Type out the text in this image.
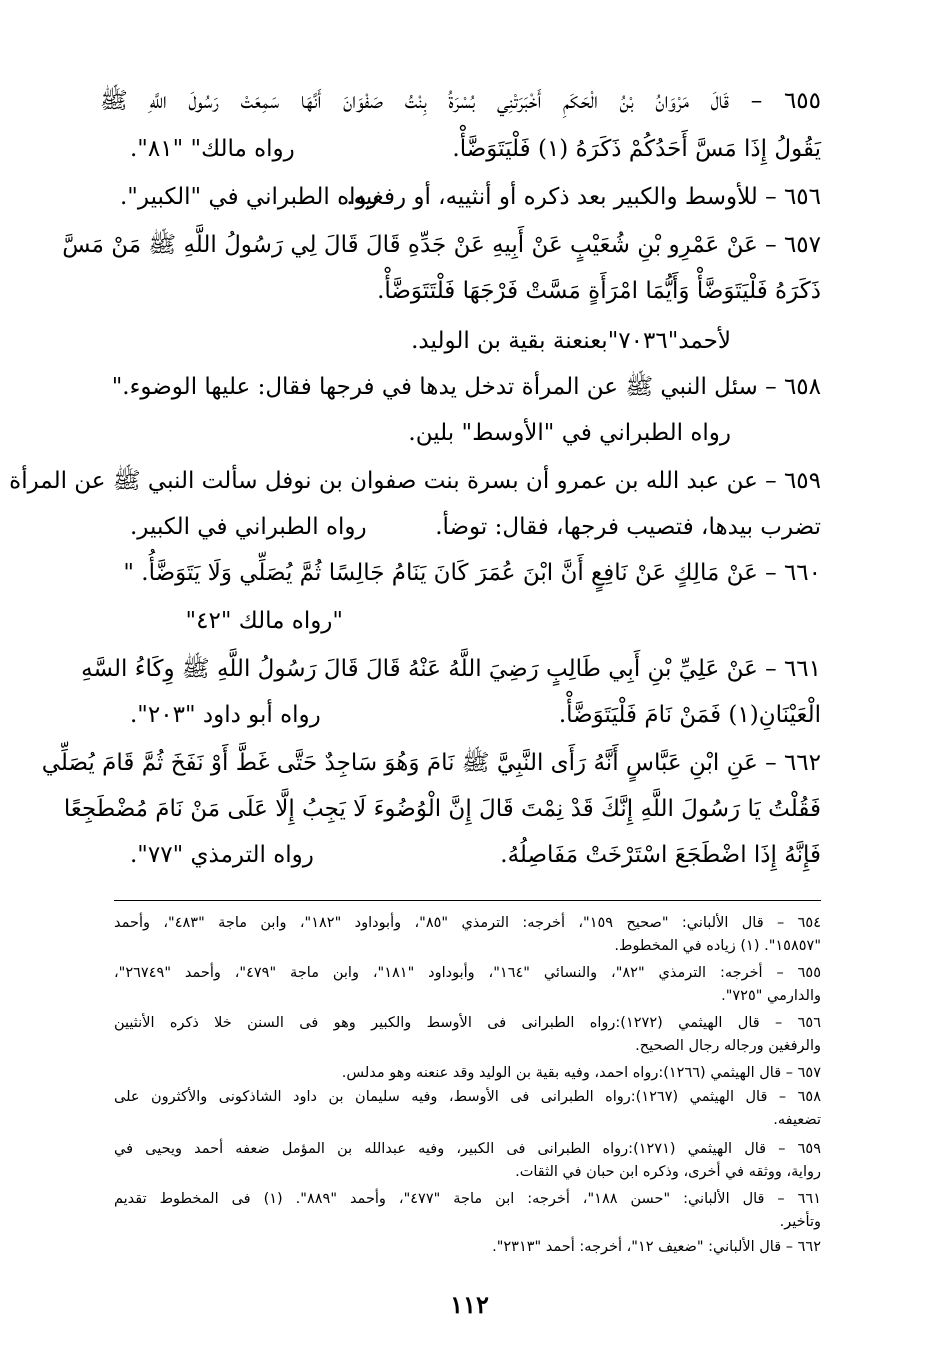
٦٥٥ – قَالَ مَرْوَانُ بْنُ الْحَكَمِ أَخْبَرَتْنِي بُسْرَةُ بِنْتُ صَفْوَانَ أَنَّهَا سَمِعَتْ رَسُولَ اللَّهِ ﷺ
يَقُولُ إِذَا مَسَّ أَحَدُكُمْ ذَكَرَهُ (١) فَلْيَتَوَضَّأْ.
رواه مالك" "٨١".
٦٥٦ – للأوسط والكبير بعد ذكره أو أنثييه، أو رفغيه.
رواه الطبراني في "الكبير".
٦٥٧ – عَنْ عَمْرِو بْنِ شُعَيْبٍ عَنْ أَبِيهِ عَنْ جَدِّهِ قَالَ قَالَ لِي رَسُولُ اللَّهِ ﷺ مَنْ مَسَّ
ذَكَرَهُ فَلْيَتَوَضَّأْ وَأَيُّمَا امْرَأَةٍ مَسَّتْ فَرْجَهَا فَلْتَتَوَضَّأْ.
لأحمد"٧٠٣٦"بعنعنة بقية بن الوليد.
٦٥٨ – سئل النبي ﷺ عن المرأة تدخل يدها في فرجها فقال: عليها الوضوء."
رواه الطبراني في "الأوسط" بلين.
٦٥٩ – عن عبد الله بن عمرو أن بسرة بنت صفوان بن نوفل سألت النبي ﷺ عن المرأة
تضرب بيدها، فتصيب فرجها، فقال: توضأ.
رواه الطبراني في الكبير.
٦٦٠ – عَنْ مَالِكٍ عَنْ نَافِعٍ أَنَّ ابْنَ عُمَرَ كَانَ يَنَامُ جَالِسًا ثُمَّ يُصَلِّي وَلَا يَتَوَضَّأُ. "
"رواه مالك "٤٢"
٦٦١ – عَنْ عَلِيِّ بْنِ أَبِي طَالِبٍ رَضِيَ اللَّهُ عَنْهُ قَالَ قَالَ رَسُولُ اللَّهِ ﷺ وِكَاءُ السَّهِ
الْعَيْنَانِ(١) فَمَنْ نَامَ فَلْيَتَوَضَّأْ.
رواه أبو داود "٢٠٣".
٦٦٢ – عَنِ ابْنِ عَبَّاسٍ أَنَّهُ رَأَى النَّبِيَّ ﷺ نَامَ وَهُوَ سَاجِدٌ حَتَّى غَطَّ أَوْ نَفَخَ ثُمَّ قَامَ يُصَلِّي
فَقُلْتُ يَا رَسُولَ اللَّهِ إِنَّكَ قَدْ نِمْتَ قَالَ إِنَّ الْوُضُوءَ لَا يَجِبُ إِلَّا عَلَى مَنْ نَامَ مُضْطَجِعًا
فَإِنَّهُ إِذَا اضْطَجَعَ اسْتَرْخَتْ مَفَاصِلُهُ.
رواه الترمذي "٧٧".
٦٥٤ – قال الألباني: "صحيح ١٥٩"، أخرجه: الترمذي "٨٥"، وأبوداود "١٨٢"، وابن ماجة "٤٨٣"، وأحمد
"١٥٨٥٧". (١) زياده في المخطوط.
٦٥٥ – أخرجه: الترمذي "٨٢"، والنسائي "١٦٤"، وأبوداود "١٨١"، وابن ماجة "٤٧٩"، وأحمد "٢٦٧٤٩"،
والدارمي "٧٢٥".
٦٥٦ – قال الهيثمي (١٢٧٢):رواه الطبرانى فى الأوسط والكبير وهو فى السنن خلا ذكره الأنثيين
والرفغين ورجاله رجال الصحيح.
٦٥٧ – قال الهيثمي (١٢٦٦):رواه احمد، وفيه بقية بن الوليد وقد عنعنه وهو مدلس.
٦٥٨ – قال الهيثمي (١٢٦٧):رواه الطبرانى فى الأوسط، وفيه سليمان بن داود الشاذكونى والأكثرون على
تضعيفه.
٦٥٩ – قال الهيثمي (١٢٧١):رواه الطبرانى فى الكبير، وفيه عبدالله بن المؤمل ضعفه أحمد ويحيى في
رواية، ووثقه في أخرى، وذكره ابن حبان في الثقات.
٦٦١ – قال الألباني: "حسن ١٨٨"، أخرجه: ابن ماجة "٤٧٧"، وأحمد "٨٨٩". (١) فى المخطوط تقديم
وتأخير.
٦٦٢ – قال الألباني: "ضعيف ١٢"، أخرجه: أحمد "٢٣١٣".
١١٢
